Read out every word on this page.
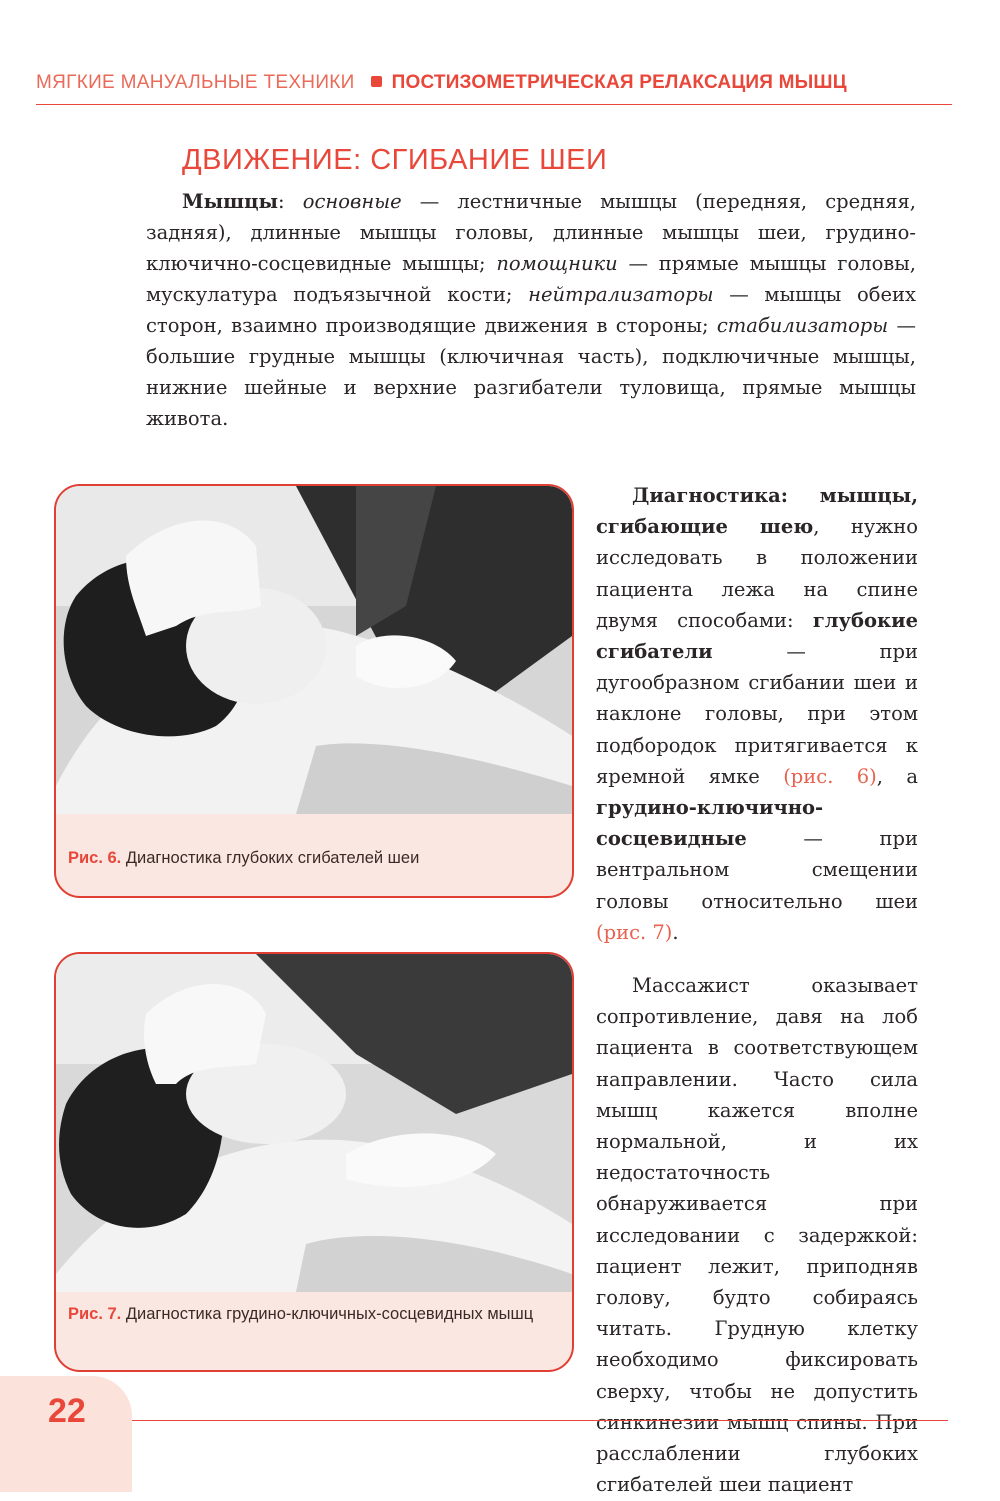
МЯГКИЕ МАНУАЛЬНЫЕ ТЕХНИКИ ПОСТИЗОМЕТРИЧЕСКАЯ РЕЛАКСАЦИЯ МЫШЦ
ДВИЖЕНИЕ: СГИБАНИЕ ШЕИ

Мышцы: основные — лестничные мышцы (передняя, средняя, задняя), длинные мышцы головы, длинные мышцы шеи, грудино-ключично-сосцевидные мышцы; помощники — прямые мышцы головы, мускулатура подъязычной кости; нейтрализаторы — мышцы обеих сторон, взаимно производящие движения в стороны; стабилизаторы — большие грудные мышцы (ключичная часть), подключичные мышцы, нижние шейные и верхние разгибатели туловища, прямые мышцы живота.

Рис. 6. Диагностика глубоких сгибателей шеи
Рис. 7. Диагностика грудино-ключичных-сосцевидных мышц

Диагностика: мышцы, сгибающие шею, нужно исследовать в положении пациента лежа на спине двумя способами: глубокие сгибатели — при дугообразном сгибании шеи и наклоне головы, при этом подбородок притягивается к яремной ямке (рис. 6), а грудино-ключично-сосцевидные — при вентральном смещении головы относительно шеи (рис. 7).

Массажист оказывает сопротивление, давя на лоб пациента в соответствующем направлении. Часто сила мышц кажется вполне нормальной, и их недостаточность обнаруживается при исследовании с задержкой: пациент лежит, приподняв голову, будто собираясь читать. Грудную клетку необходимо фиксировать сверху, чтобы не допустить синкинезии мышц спины. При расслаблении глубоких сгибателей шеи пациент

22
